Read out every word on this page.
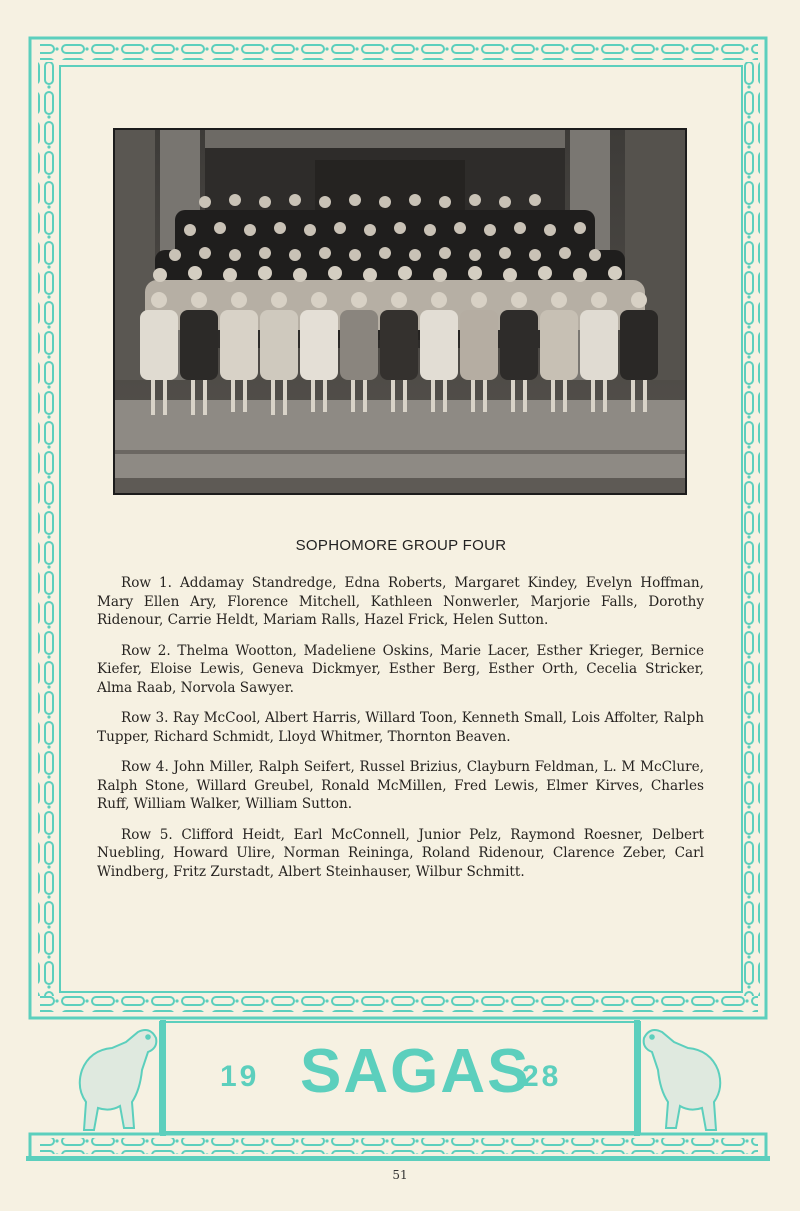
SOPHOMORE GROUP FOUR

Row 1. Addamay Standredge, Edna Roberts, Margaret Kindey, Evelyn Hoffman, Mary Ellen Ary, Florence Mitchell, Kathleen Nonwerler, Marjorie Falls, Dorothy Ridenour, Carrie Heldt, Mariam Ralls, Hazel Frick, Helen Sutton.

Row 2. Thelma Wootton, Madeliene Oskins, Marie Lacer, Esther Krieger, Bernice Kiefer, Eloise Lewis, Geneva Dickmyer, Esther Berg, Esther Orth, Cecelia Stricker, Alma Raab, Norvola Sawyer.

Row 3. Ray McCool, Albert Harris, Willard Toon, Kenneth Small, Lois Affolter, Ralph Tupper, Richard Schmidt, Lloyd Whitmer, Thornton Beaven.

Row 4. John Miller, Ralph Seifert, Russel Brizius, Clayburn Feldman, L. M McClure, Ralph Stone, Willard Greubel, Ronald McMillen, Fred Lewis, Elmer Kirves, Charles Ruff, William Walker, William Sutton.

Row 5. Clifford Heidt, Earl McConnell, Junior Pelz, Raymond Roesner, Delbert Nuebling, Howard Ulire, Norman Reininga, Roland Ridenour, Clarence Zeber, Carl Windberg, Fritz Zurstadt, Albert Steinhauser, Wilbur Schmitt.

19 SAGAS
28
51
